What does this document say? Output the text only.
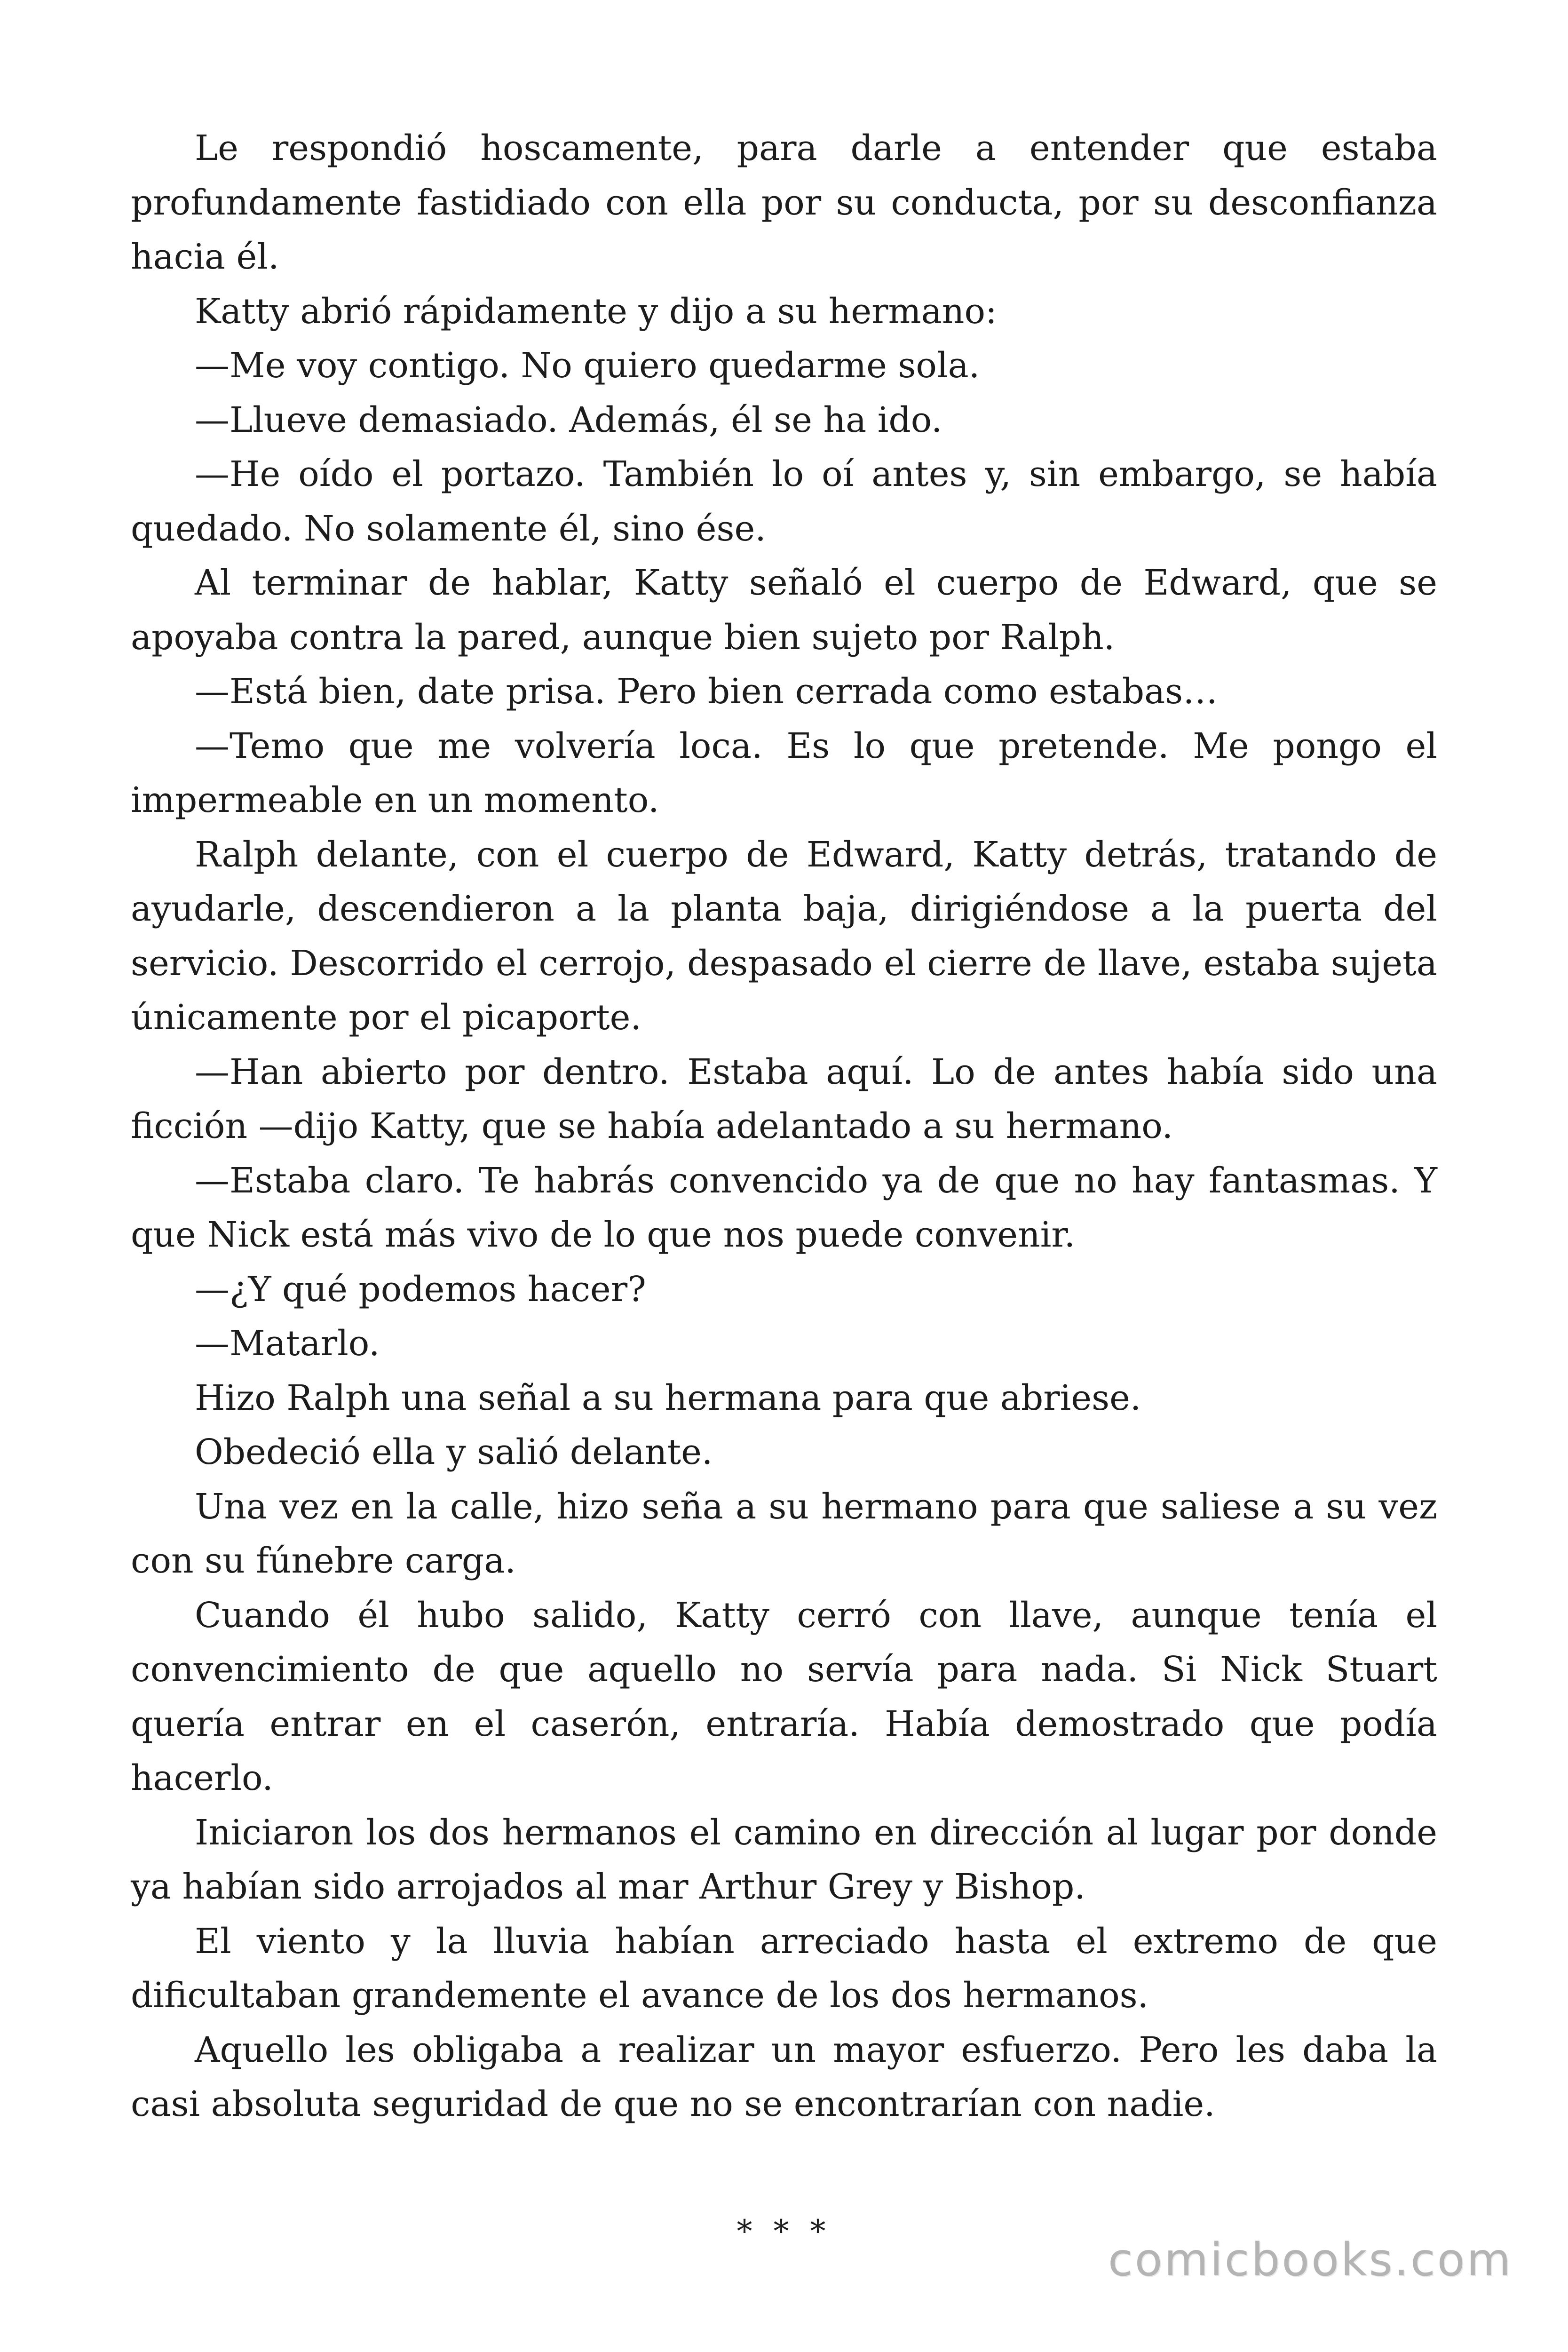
Le respondió hoscamente, para darle a entender que estaba profundamente fastidiado con ella por su conducta, por su desconfianza hacia él.

Katty abrió rápidamente y dijo a su hermano:

—Me voy contigo. No quiero quedarme sola.

—Llueve demasiado. Además, él se ha ido.

—He oído el portazo. También lo oí antes y, sin embargo, se había quedado. No solamente él, sino ése.

Al terminar de hablar, Katty señaló el cuerpo de Edward, que se apoyaba contra la pared, aunque bien sujeto por Ralph.

—Está bien, date prisa. Pero bien cerrada como estabas…

—Temo que me volvería loca. Es lo que pretende. Me pongo el impermeable en un momento.

Ralph delante, con el cuerpo de Edward, Katty detrás, tratando de ayudarle, descendieron a la planta baja, dirigiéndose a la puerta del servicio. Descorrido el cerrojo, despasado el cierre de llave, estaba sujeta únicamente por el picaporte.

—Han abierto por dentro. Estaba aquí. Lo de antes había sido una ficción —dijo Katty, que se había adelantado a su hermano.

—Estaba claro. Te habrás convencido ya de que no hay fantasmas. Y que Nick está más vivo de lo que nos puede convenir.

—¿Y qué podemos hacer?

—Matarlo.

Hizo Ralph una señal a su hermana para que abriese.

Obedeció ella y salió delante.

Una vez en la calle, hizo seña a su hermano para que saliese a su vez con su fúnebre carga.

Cuando él hubo salido, Katty cerró con llave, aunque tenía el convencimiento de que aquello no servía para nada. Si Nick Stuart quería entrar en el caserón, entraría. Había demostrado que podía hacerlo.

Iniciaron los dos hermanos el camino en dirección al lugar por donde ya habían sido arrojados al mar Arthur Grey y Bishop.

El viento y la lluvia habían arreciado hasta el extremo de que dificultaban grandemente el avance de los dos hermanos.

Aquello les obligaba a realizar un mayor esfuerzo. Pero les daba la casi absoluta seguridad de que no se encontrarían con nadie.

* * *
comicbooks.com
